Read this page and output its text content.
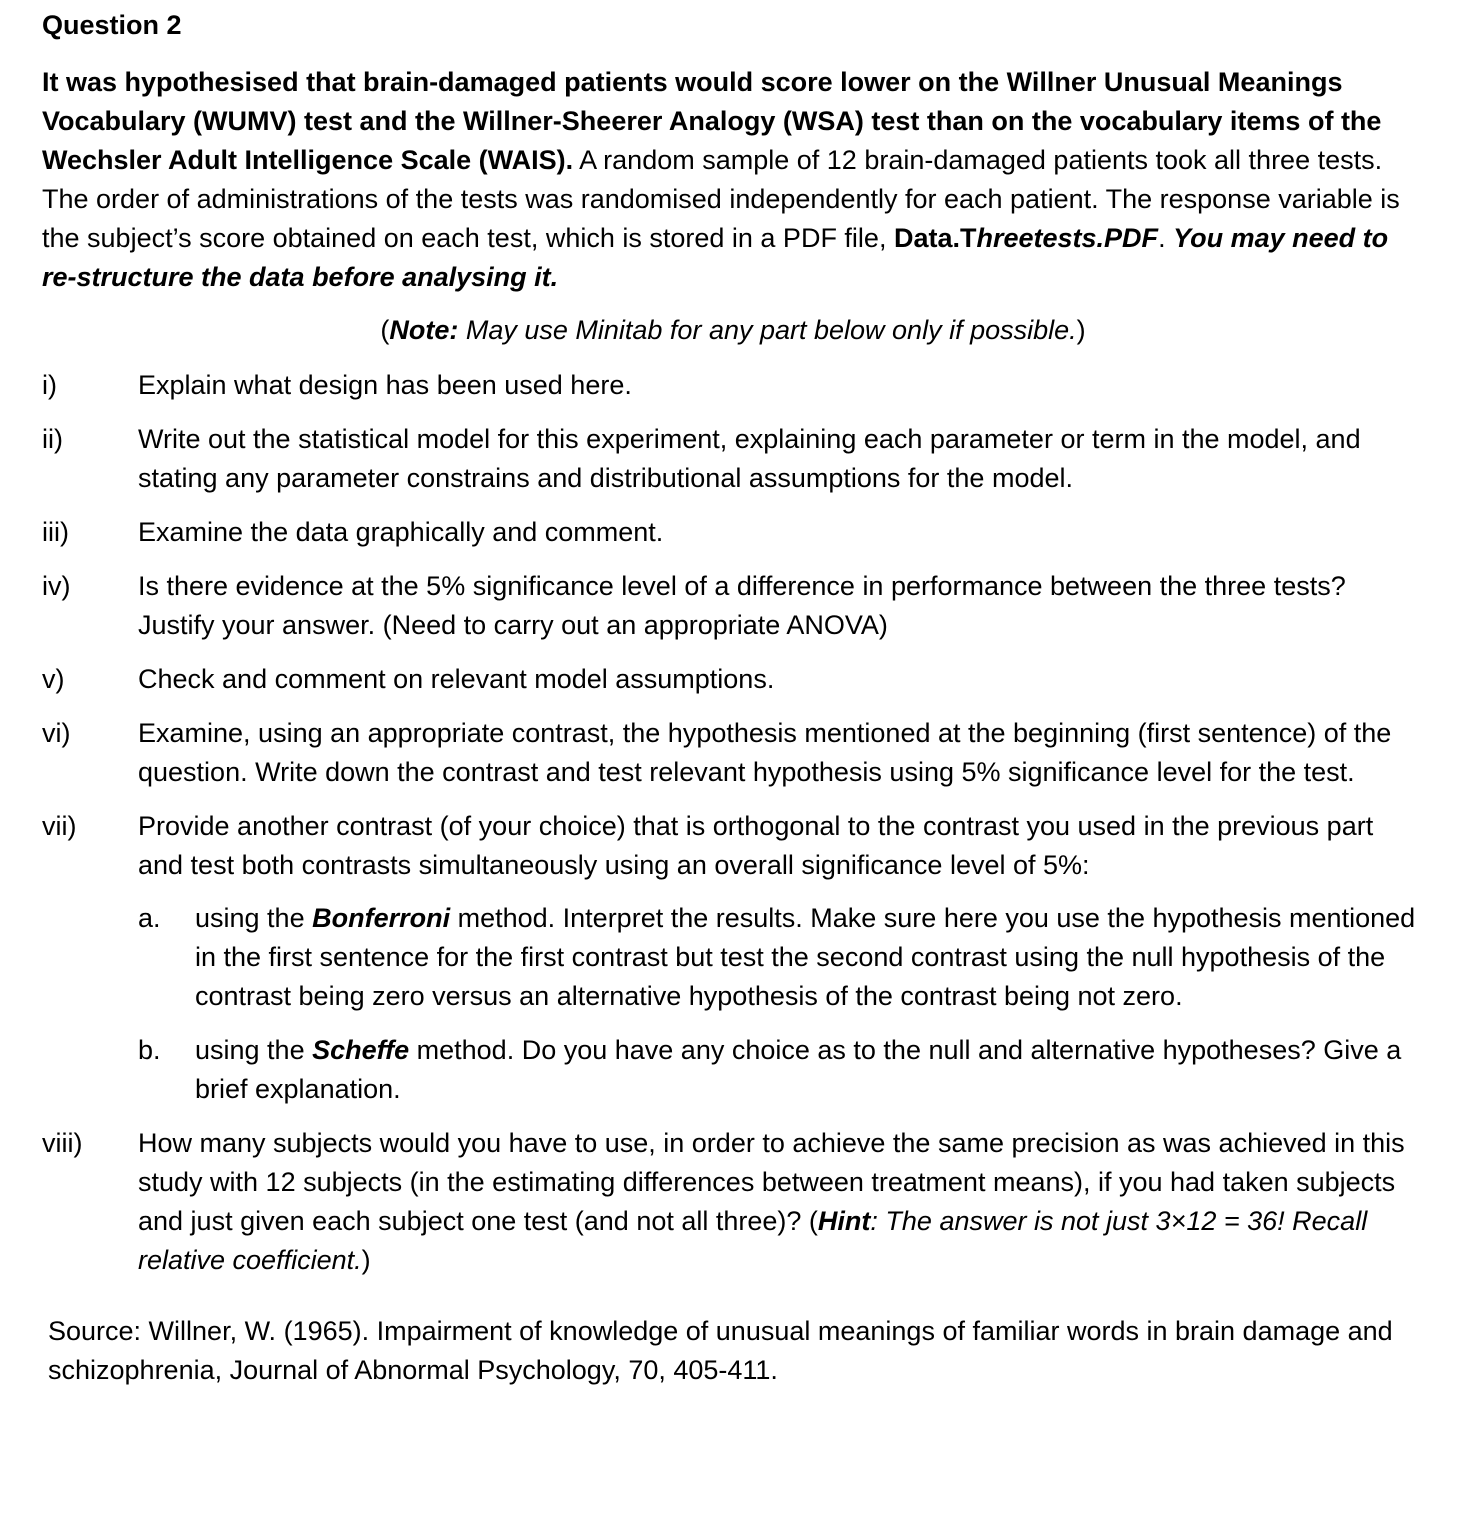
Question 2
It was hypothesised that brain-damaged patients would score lower on the Willner Unusual Meanings Vocabulary (WUMV) test and the Willner-Sheerer Analogy (WSA) test than on the vocabulary items of the Wechsler Adult Intelligence Scale (WAIS). A random sample of 12 brain-damaged patients took all three tests. The order of administrations of the tests was randomised independently for each patient. The response variable is the subject’s score obtained on each test, which is stored in a PDF file, Data.Threetests.PDF. You may need to re-structure the data before analysing it.
(Note: May use Minitab for any part below only if possible.)
i)	Explain what design has been used here.
ii)	Write out the statistical model for this experiment, explaining each parameter or term in the model, and stating any parameter constrains and distributional assumptions for the model.
iii)	Examine the data graphically and comment.
iv)	Is there evidence at the 5% significance level of a difference in performance between the three tests? Justify your answer. (Need to carry out an appropriate ANOVA)
v)	Check and comment on relevant model assumptions.
vi)	Examine, using an appropriate contrast, the hypothesis mentioned at the beginning (first sentence) of the question. Write down the contrast and test relevant hypothesis using 5% significance level for the test.
vii) Provide another contrast (of your choice) that is orthogonal to the contrast you used in the previous part and test both contrasts simultaneously using an overall significance level of 5%:
a. using the Bonferroni method. Interpret the results. Make sure here you use the hypothesis mentioned in the first sentence for the first contrast but test the second contrast using the null hypothesis of the contrast being zero versus an alternative hypothesis of the contrast being not zero.
b. using the Scheffe method. Do you have any choice as to the null and alternative hypotheses? Give a brief explanation.
viii) How many subjects would you have to use, in order to achieve the same precision as was achieved in this study with 12 subjects (in the estimating differences between treatment means), if you had taken subjects and just given each subject one test (and not all three)? (Hint: The answer is not just 3×12 = 36! Recall relative coefficient.)
Source: Willner, W. (1965). Impairment of knowledge of unusual meanings of familiar words in brain damage and schizophrenia, Journal of Abnormal Psychology, 70, 405-411.
